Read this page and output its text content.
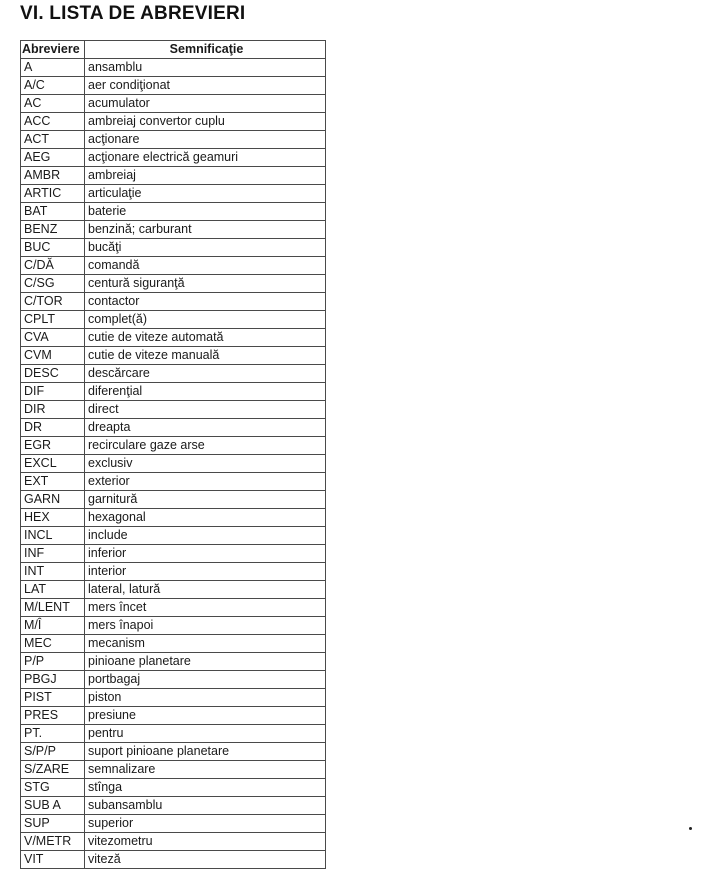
VI. LISTA DE ABREVIERI
Abreviere	Semnificaţie
A	ansamblu
A/C	aer condiţionat
AC	acumulator
ACC	ambreiaj convertor cuplu
ACT	acţionare
AEG	acţionare electrică geamuri
AMBR	ambreiaj
ARTIC	articulaţie
BAT	baterie
BENZ	benzină; carburant
BUC	bucăţi
C/DĂ	comandă
C/SG	centură siguranţă
C/TOR	contactor
CPLT	complet(ă)
CVA	cutie de viteze automată
CVM	cutie de viteze manuală
DESC	descărcare
DIF	diferenţial
DIR	direct
DR	dreapta
EGR	recirculare gaze arse
EXCL	exclusiv
EXT	exterior
GARN	garnitură
HEX	hexagonal
INCL	include
INF	inferior
INT	interior
LAT	lateral, latură
M/LENT	mers încet
M/Î	mers înapoi
MEC	mecanism
P/P	pinioane planetare
PBGJ	portbagaj
PIST	piston
PRES	presiune
PT.	pentru
S/P/P	suport pinioane planetare
S/ZARE	semnalizare
STG	stînga
SUB A	subansamblu
SUP	superior
V/METR	vitezometru
VIT	viteză
